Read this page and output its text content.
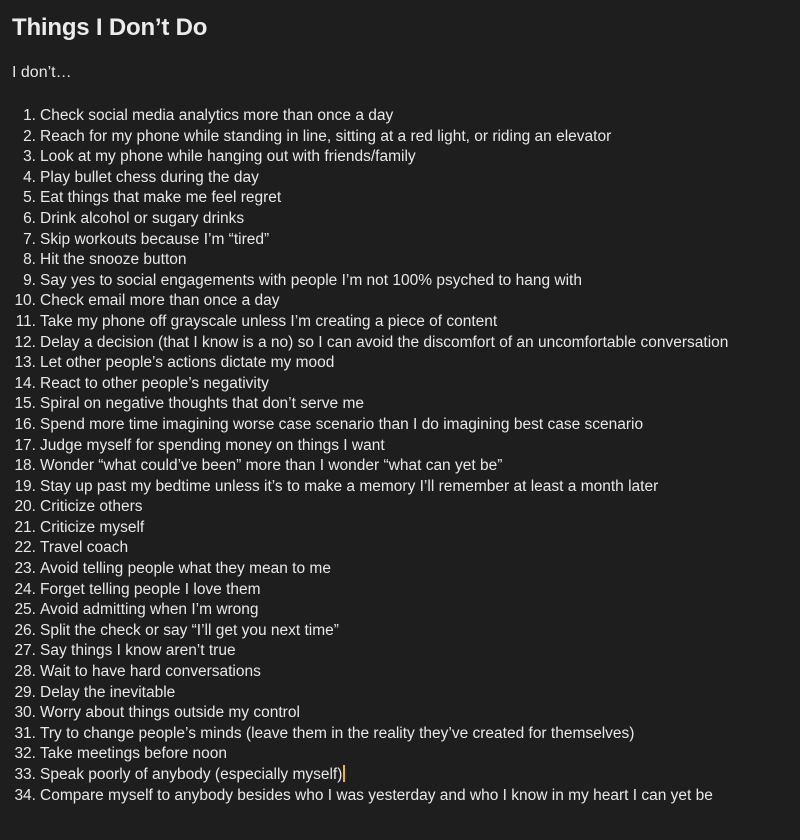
Things I Don’t Do
I don’t…
1. Check social media analytics more than once a day
2. Reach for my phone while standing in line, sitting at a red light, or riding an elevator
3. Look at my phone while hanging out with friends/family
4. Play bullet chess during the day
5. Eat things that make me feel regret
6. Drink alcohol or sugary drinks
7. Skip workouts because I’m “tired”
8. Hit the snooze button
9. Say yes to social engagements with people I’m not 100% psyched to hang with
10. Check email more than once a day
11. Take my phone off grayscale unless I’m creating a piece of content
12. Delay a decision (that I know is a no) so I can avoid the discomfort of an uncomfortable conversation
13. Let other people’s actions dictate my mood
14. React to other people’s negativity
15. Spiral on negative thoughts that don’t serve me
16. Spend more time imagining worse case scenario than I do imagining best case scenario
17. Judge myself for spending money on things I want
18. Wonder “what could’ve been” more than I wonder “what can yet be”
19. Stay up past my bedtime unless it’s to make a memory I’ll remember at least a month later
20. Criticize others
21. Criticize myself
22. Travel coach
23. Avoid telling people what they mean to me
24. Forget telling people I love them
25. Avoid admitting when I’m wrong
26. Split the check or say “I’ll get you next time”
27. Say things I know aren’t true
28. Wait to have hard conversations
29. Delay the inevitable
30. Worry about things outside my control
31. Try to change people’s minds (leave them in the reality they’ve created for themselves)
32. Take meetings before noon
33. Speak poorly of anybody (especially myself)
34. Compare myself to anybody besides who I was yesterday and who I know in my heart I can yet be
